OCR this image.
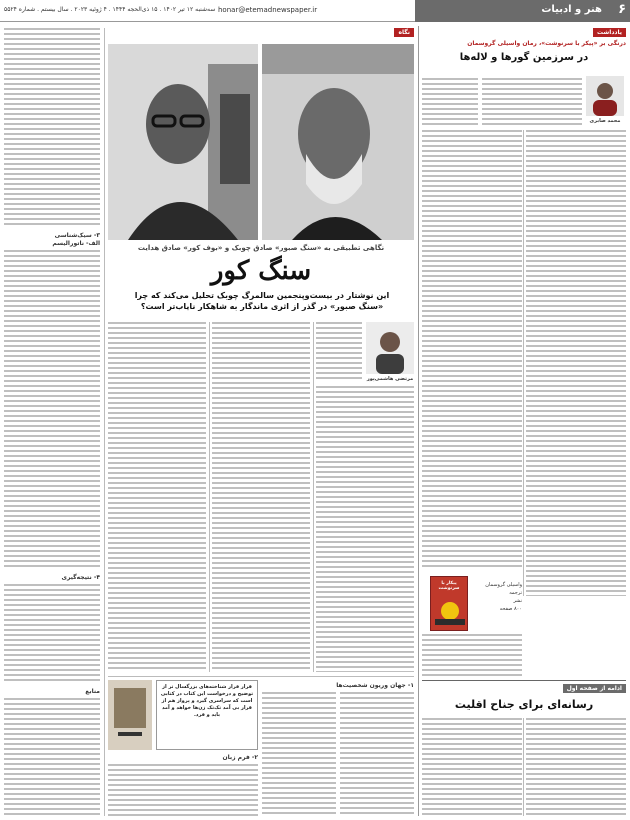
۶
هنر و ادبیات
honar@etemadnewspaper.ir
سه‌شنبه ۱۲ تیر ۱۴۰۲ . ۱۵ ذی‌الحجه ۱۴۴۴ . ۴ ژوئیه ۲۰۲۳ . سال بیستم . شماره ۵۵۲۴
یادداشت
درنگی بر «پیکر با سرنوشت»، رمان واسیلی گروسمان
در سرزمین گورها و لاله‌ها
محمد صابری
پیکار با سرنوشت
واسیلی گروسمان
ترجمه
نشر
۸۰۰ صفحه
ادامه از صفحه اول
رسانه‌ای برای جناح اقلیت
نگاه
۳- سیک‌شناسی
الف- ناتورالیسم
۴- نتیجه‌گیری
منابع
نگاهی تطبیقی به «سنگ صبور» صادق چوبک و «بوف کور» صادق هدایت
سنگ کور
این نوشتار در بیست‌وپنجمین سالمرگ چوبک تحلیل می‌کند که چرا «سنگ صبور» در گذر از اثری ماندگار به شاهکار نایاب‌تر است؟
مرتضی هاشمی‌پور
قرار فرار شناخته‌های بزرگسال تر از توضیح و درخواست این کتاب در کتابی است که سراسری گیرد و پرواز هم از قرار بی آمد تک‌تک زن‌ها خواهد و آمد باید و فرد.
۱- جهان وریون شخصیت‌ها
۲- فرم زبان
